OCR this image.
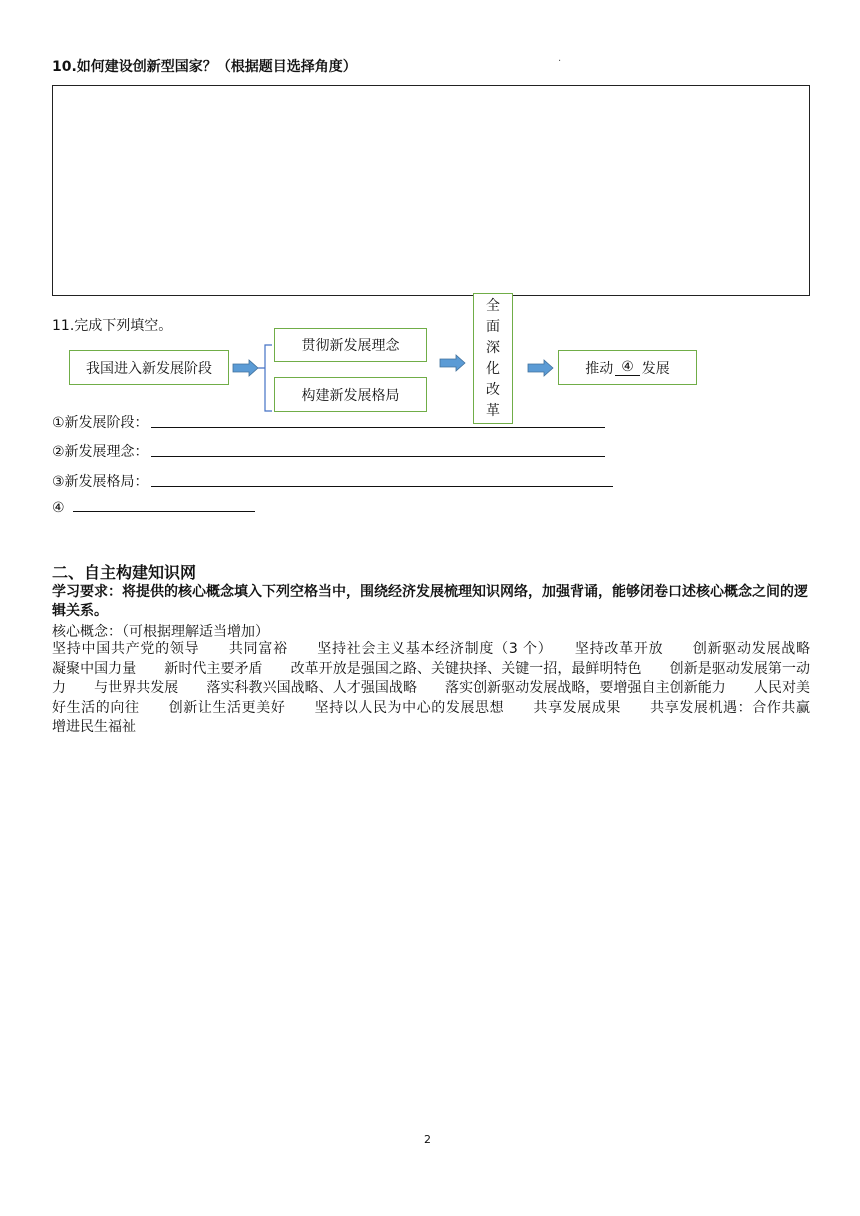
10.如何建设创新型国家？（根据题目选择角度）	·
11.完成下列填空。
我国进入新发展阶段
贯彻新发展理念
构建新发展格局
全
面
深
化
改
革
推动 ④ 发展
①新发展阶段：
②新发展理念：
③新发展格局：
④
二、自主构建知识网
学习要求：将提供的核心概念填入下列空格当中，围绕经济发展梳理知识网络，加强背诵，能够闭卷口述核心概念之间的逻辑关系。
核心概念：（可根据理解适当增加）
坚持中国共产党的领导　　共同富裕　　坚持社会主义基本经济制度（3 个）　　坚持改革开放　　创新驱动发展战略　　凝聚中国力量　　新时代主要矛盾　　改革开放是强国之路、关键抉择、关键一招，最鲜明特色　　创新是驱动发展第一动力　　与世界共发展　　落实科教兴国战略、人才强国战略　　落实创新驱动发展战略，要增强自主创新能力　　人民对美好生活的向往　　创新让生活更美好　　坚持以人民为中心的发展思想　　共享发展成果　　共享发展机遇：合作共赢　　增进民生福祉
2
